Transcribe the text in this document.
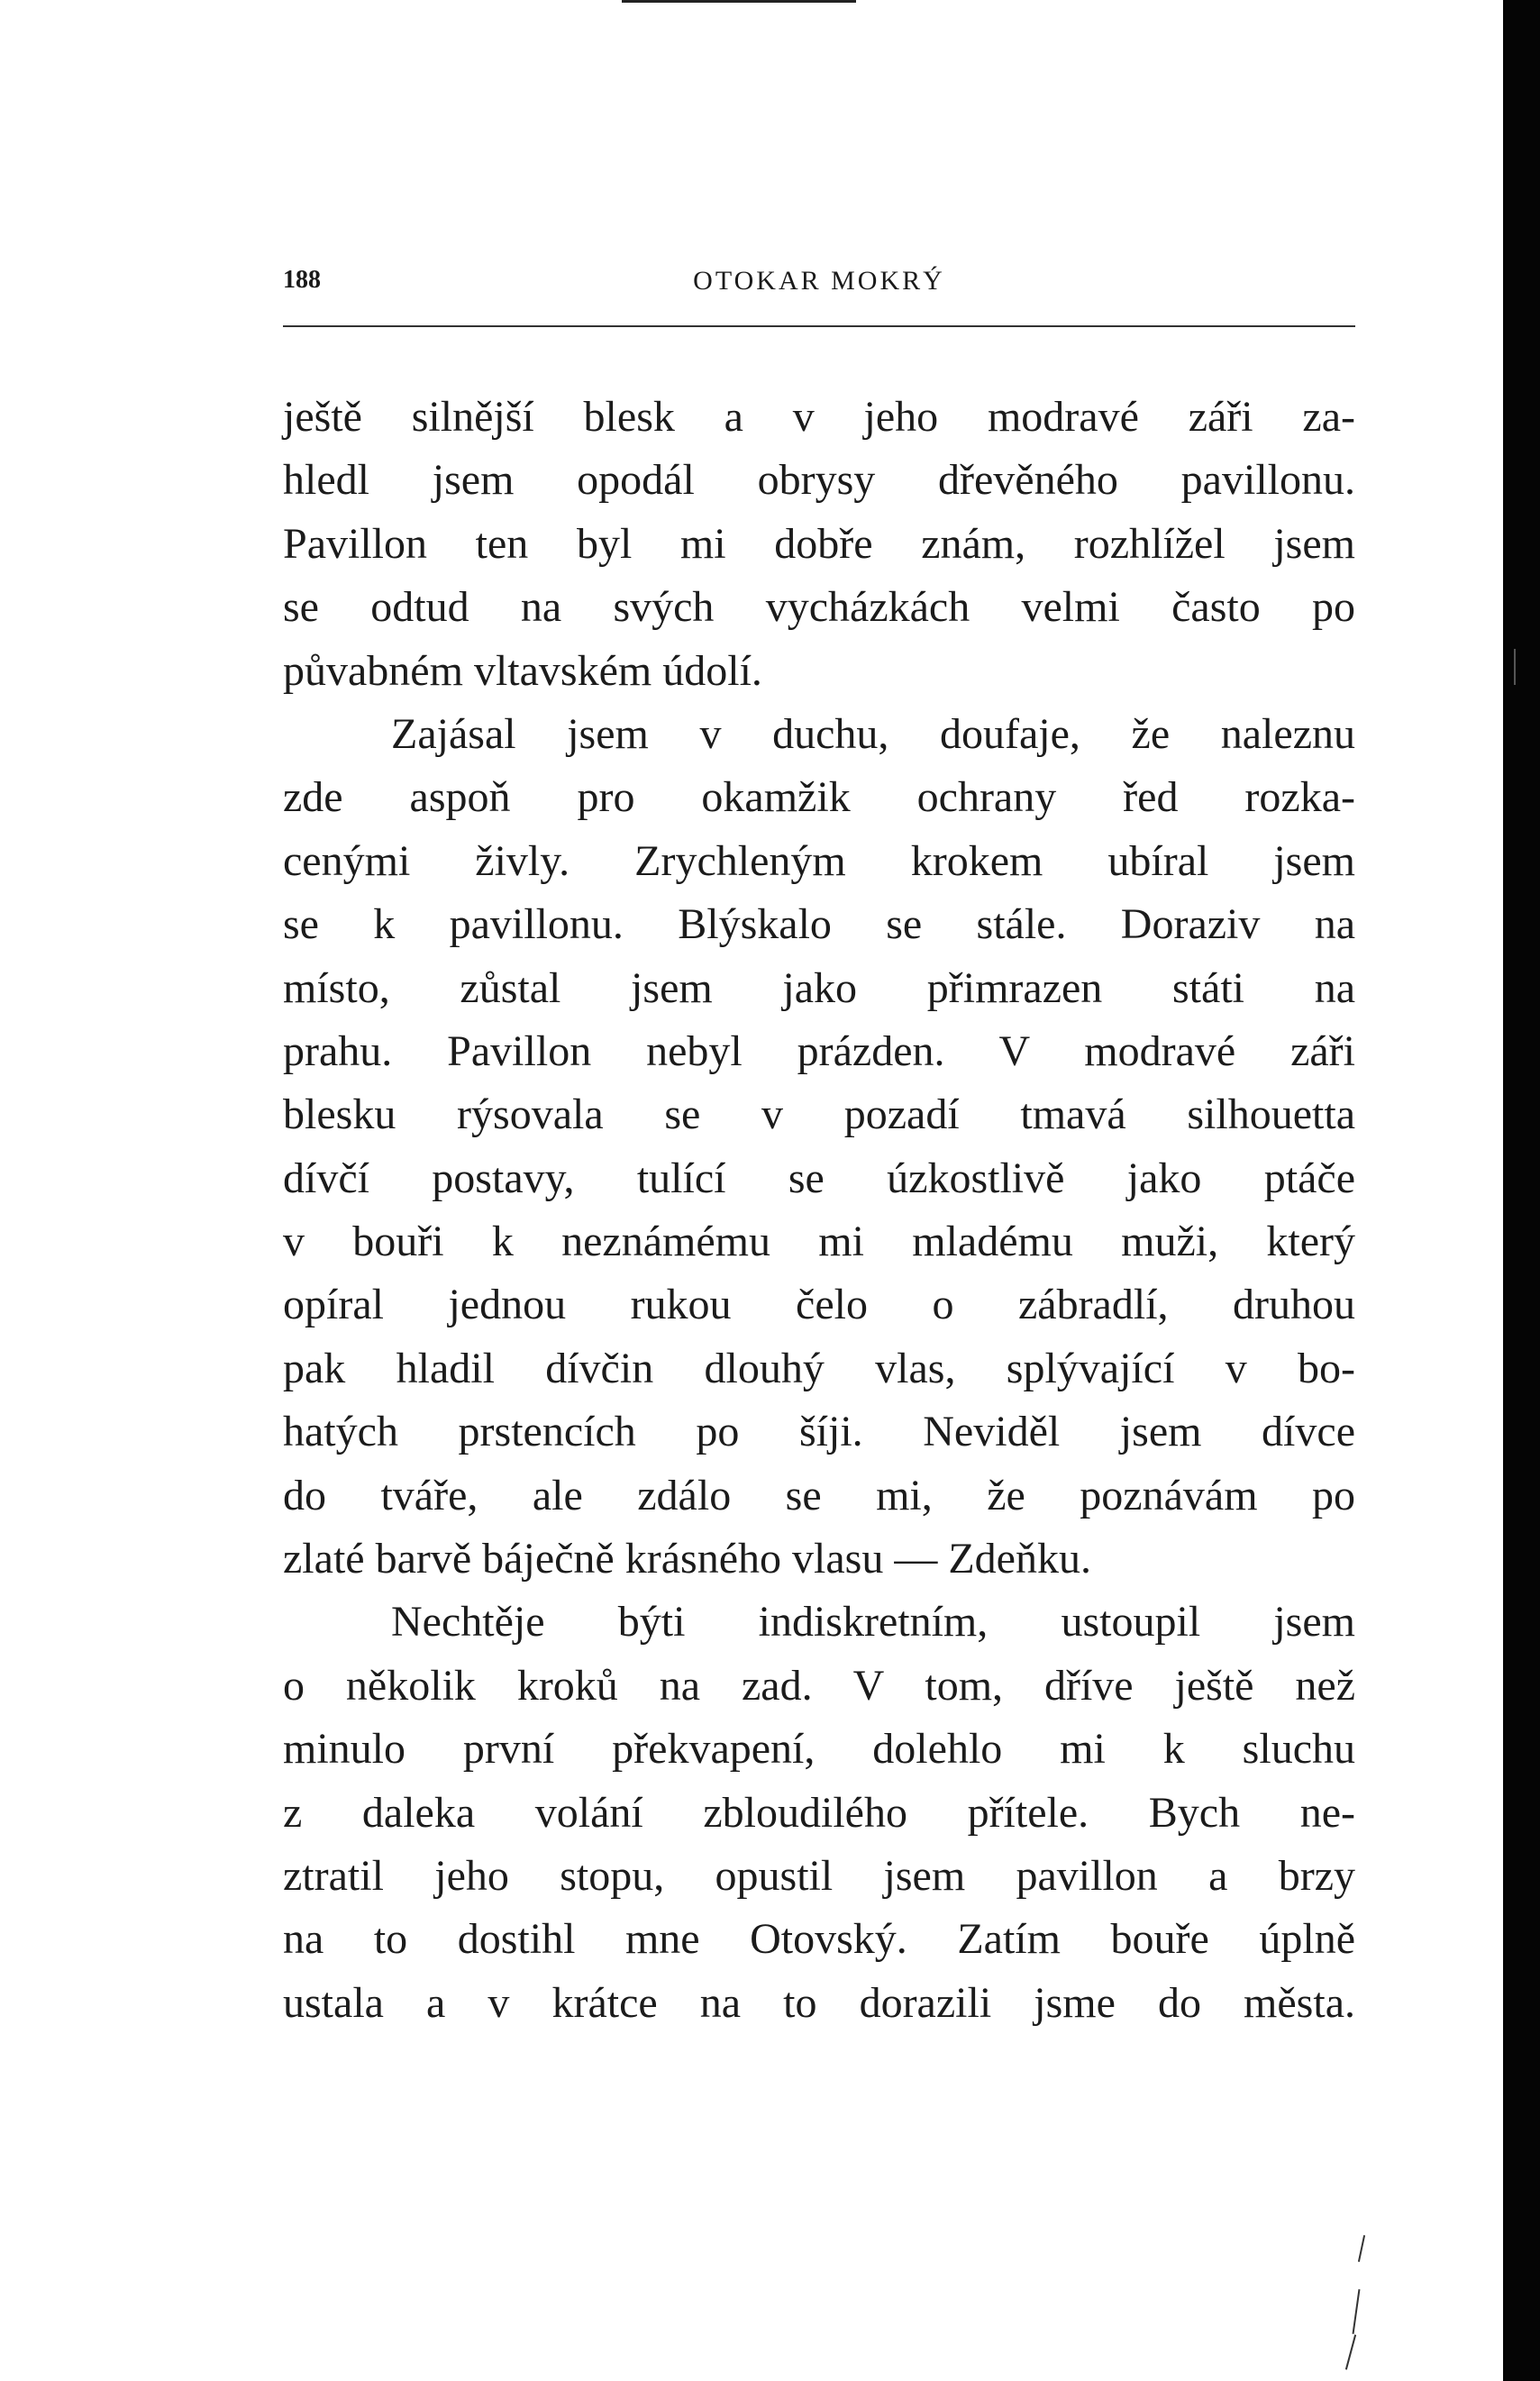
188	OTOKAR MOKRÝ
ještě silnější blesk a v jeho modravé záři za-
hledl jsem opodál obrysy dřevěného pavillonu.
Pavillon ten byl mi dobře znám, rozhlížel jsem
se odtud na svých vycházkách velmi často po
půvabném vltavském údolí.
Zajásal jsem v duchu, doufaje, že naleznu
zde aspoň pro okamžik ochrany řed rozka-
cenými živly. Zrychleným krokem ubíral jsem
se k pavillonu. Blýskalo se stále. Doraziv na
místo, zůstal jsem jako přimrazen státi na
prahu. Pavillon nebyl prázden. V modravé záři
blesku rýsovala se v pozadí tmavá silhouetta
dívčí postavy, tulící se úzkostlivě jako ptáče
v bouři k neznámému mi mladému muži, který
opíral jednou rukou čelo o zábradlí, druhou
pak hladil dívčin dlouhý vlas, splývající v bo-
hatých prstencích po šíji. Neviděl jsem dívce
do tváře, ale zdálo se mi, že poznávám po
zlaté barvě báječně krásného vlasu — Zdeňku.
Nechtěje býti indiskretním, ustoupil jsem
o několik kroků na zad. V tom, dříve ještě než
minulo první překvapení, dolehlo mi k sluchu
z daleka volání zbloudilého přítele. Bych ne-
ztratil jeho stopu, opustil jsem pavillon a brzy
na to dostihl mne Otovský. Zatím bouře úplně
ustala a v krátce na to dorazili jsme do města.
